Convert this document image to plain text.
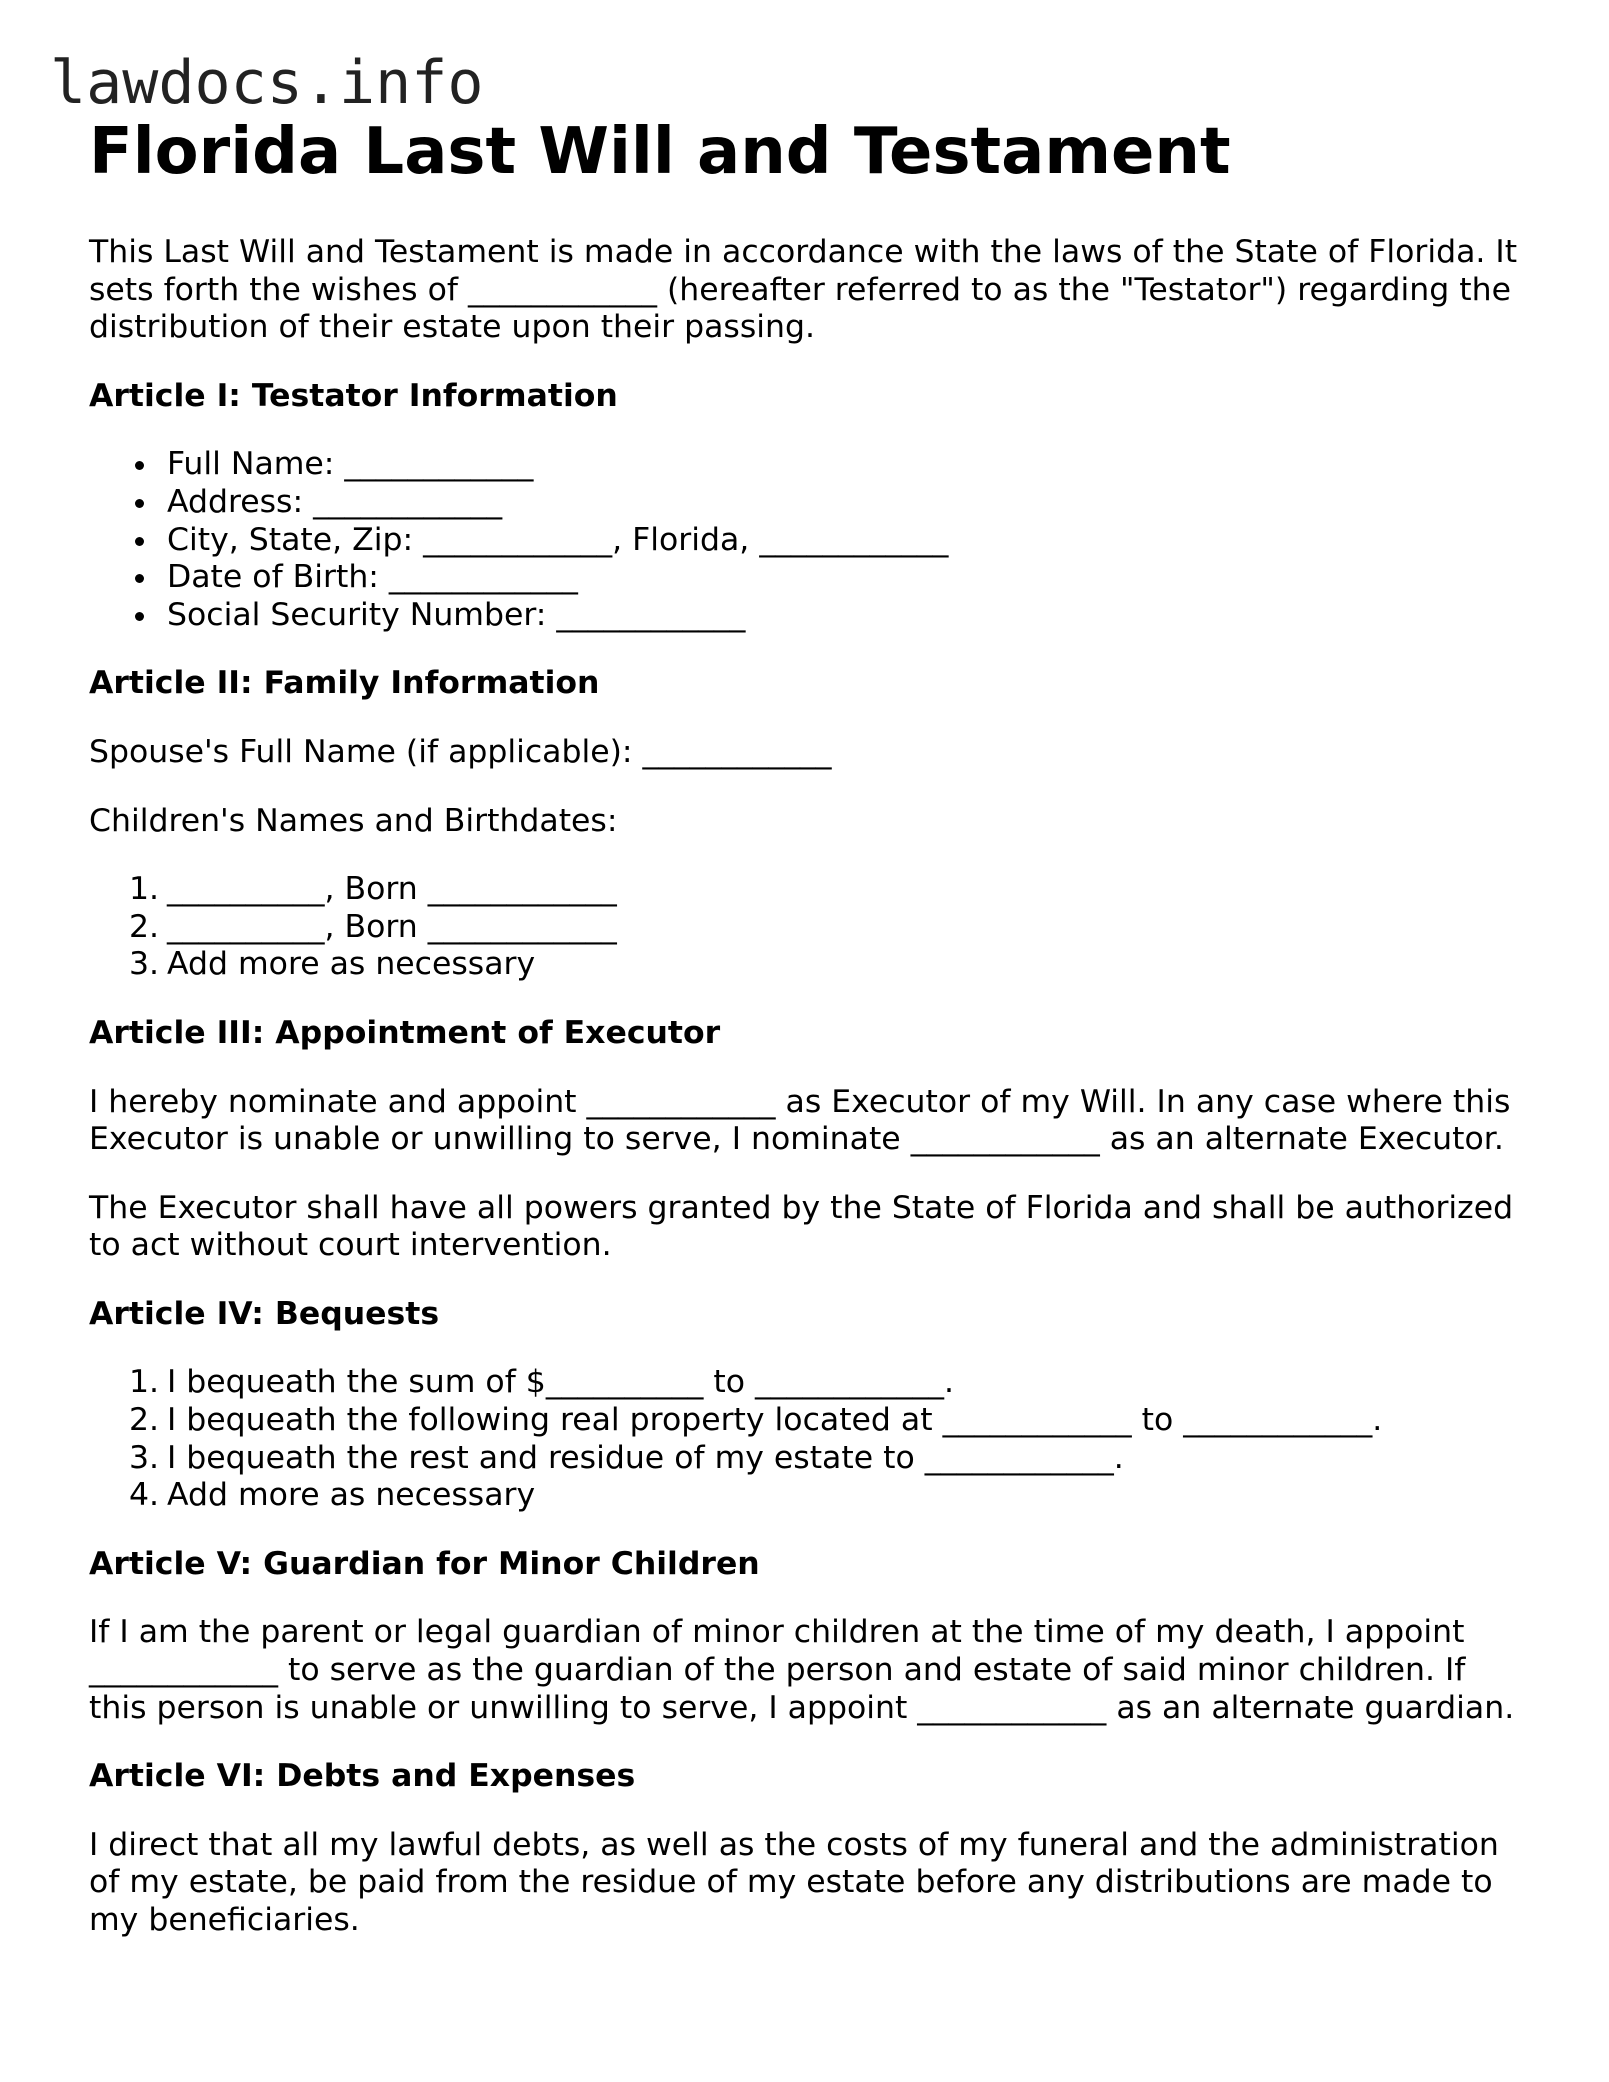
lawdocs.info
Florida Last Will and Testament

This Last Will and Testament is made in accordance with the laws of the State of Florida. It sets forth the wishes of ____________ (hereafter referred to as the "Testator") regarding the distribution of their estate upon their passing.

Article I: Testator Information
Full Name: ____________
Address: ____________
City, State, Zip: ____________, Florida, ____________
Date of Birth: ____________
Social Security Number: ____________
Article II: Family Information

Spouse's Full Name (if applicable): ____________

Children's Names and Birthdates:

1. __________, Born ____________
2. __________, Born ____________
3. Add more as necessary
Article III: Appointment of Executor

I hereby nominate and appoint ____________ as Executor of my Will. In any case where this Executor is unable or unwilling to serve, I nominate ____________ as an alternate Executor.

The Executor shall have all powers granted by the State of Florida and shall be authorized to act without court intervention.

Article IV: Bequests
1. I bequeath the sum of $__________ to ____________.
2. I bequeath the following real property located at ____________ to ____________.
3. I bequeath the rest and residue of my estate to ____________.
4. Add more as necessary
Article V: Guardian for Minor Children

If I am the parent or legal guardian of minor children at the time of my death, I appoint ____________ to serve as the guardian of the person and estate of said minor children. If this person is unable or unwilling to serve, I appoint ____________ as an alternate guardian.

Article VI: Debts and Expenses

I direct that all my lawful debts, as well as the costs of my funeral and the administration of my estate, be paid from the residue of my estate before any distributions are made to my beneficiaries.
